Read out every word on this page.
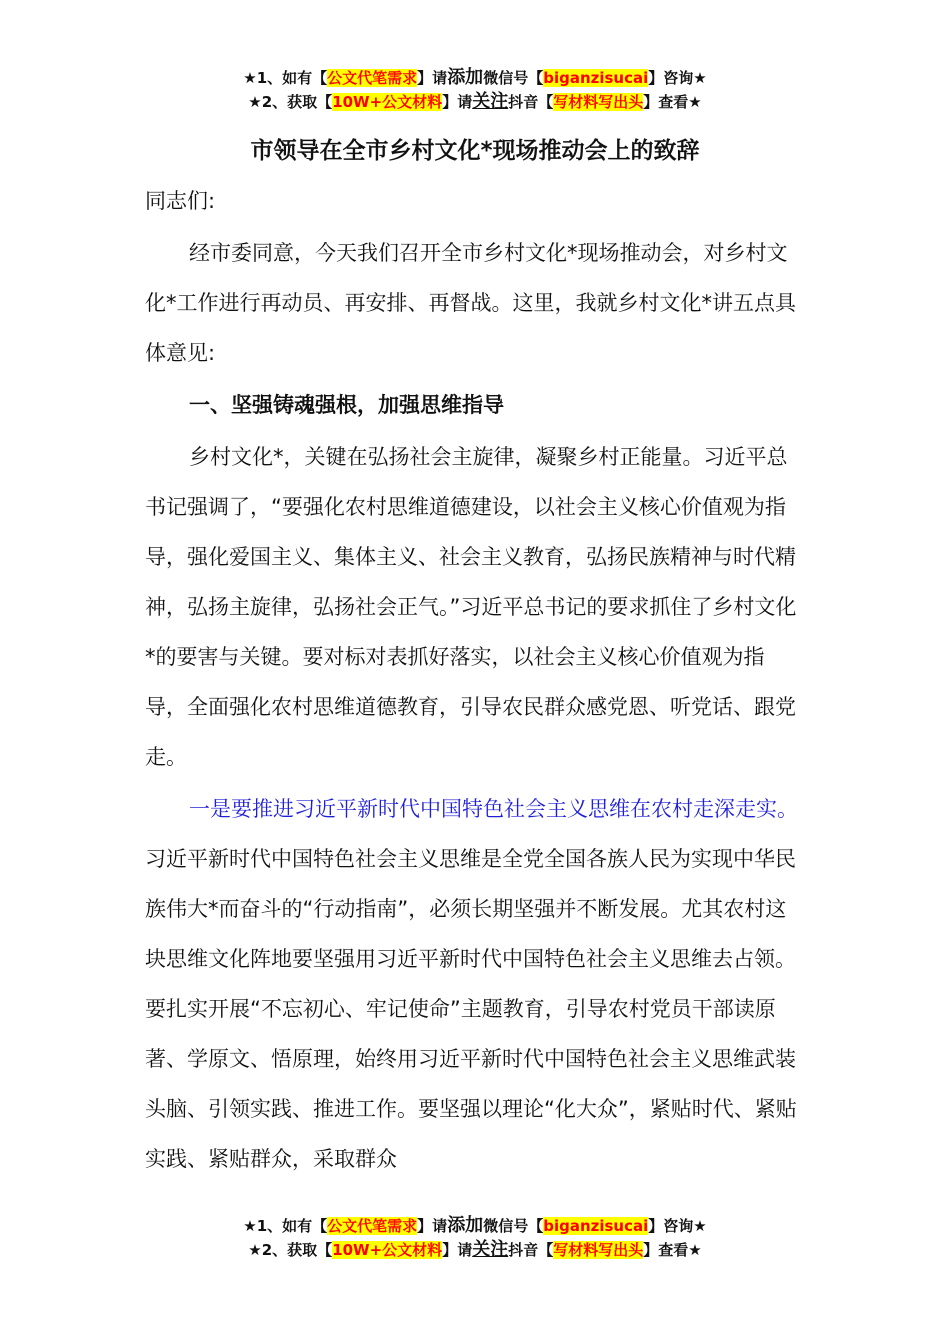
★1、如有【公文代笔需求】请添加微信号【biganzisucai】咨询★
★2、获取【10W+公文材料】请关注抖音【写材料写出头】查看★
市领导在全市乡村文化*现场推动会上的致辞
同志们:

经市委同意，今天我们召开全市乡村文化*现场推动会，对乡村文化*工作进行再动员、再安排、再督战。这里，我就乡村文化*讲五点具体意见:

一、坚强铸魂强根，加强思维指导

乡村文化*，关键在弘扬社会主旋律，凝聚乡村正能量。习近平总书记强调了，“要强化农村思维道德建设，以社会主义核心价值观为指导，强化爱国主义、集体主义、社会主义教育，弘扬民族精神与时代精神，弘扬主旋律，弘扬社会正气。”习近平总书记的要求抓住了乡村文化*的要害与关键。要对标对表抓好落实，以社会主义核心价值观为指导，全面强化农村思维道德教育，引导农民群众感党恩、听党话、跟党走。

一是要推进习近平新时代中国特色社会主义思维在农村走深走实。习近平新时代中国特色社会主义思维是全党全国各族人民为实现中华民族伟大*而奋斗的“行动指南”，必须长期坚强并不断发展。尤其农村这块思维文化阵地要坚强用习近平新时代中国特色社会主义思维去占领。要扎实开展“不忘初心、牢记使命”主题教育，引导农村党员干部读原著、学原文、悟原理，始终用习近平新时代中国特色社会主义思维武装头脑、引领实践、推进工作。要坚强以理论“化大众”，紧贴时代、紧贴实践、紧贴群众，采取群众

★1、如有【公文代笔需求】请添加微信号【biganzisucai】咨询★
★2、获取【10W+公文材料】请关注抖音【写材料写出头】查看★
